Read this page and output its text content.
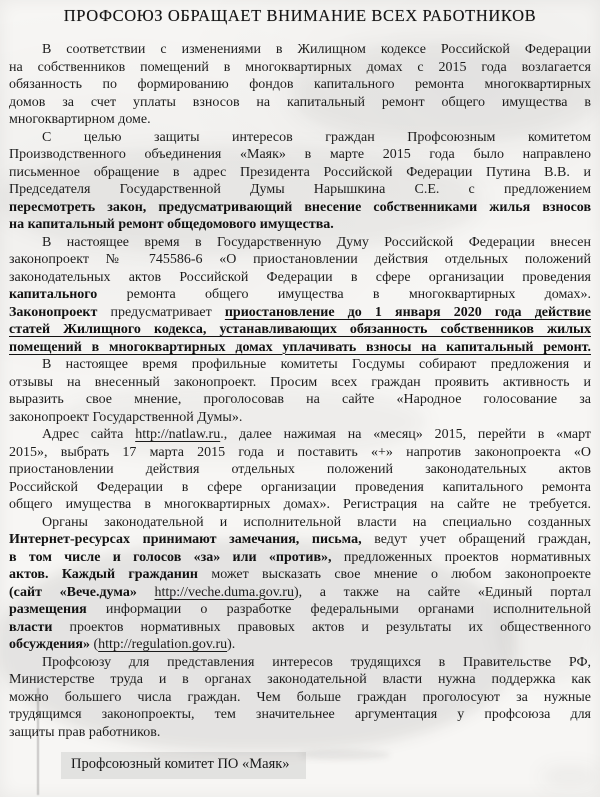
ПРОФСОЮЗ ОБРАЩАЕТ ВНИМАНИЕ ВСЕХ РАБОТНИКОВ
В соответствии с изменениями в Жилищном кодексе Российской Федерации
на собственников помещений в многоквартирных домах с 2015 года возлагается
обязанность по формированию фондов капитального ремонта многоквартирных
домов за счет уплаты взносов на капитальный ремонт общего имущества в
многоквартирном доме.
С целью защиты интересов граждан Профсоюзным комитетом
Производственного объединения «Маяк» в марте 2015 года было направлено
письменное обращение в адрес Президента Российской Федерации Путина В.В. и
Председателя Государственной Думы Нарышкина С.Е. с предложением
пересмотреть закон, предусматривающий внесение собственниками жилья взносов
на капитальный ремонт общедомового имущества.
В настоящее время в Государственную Думу Российской Федерации внесен
законопроект № 745586-6 «О приостановлении действия отдельных положений
законодательных актов Российской Федерации в сфере организации проведения
капитального ремонта общего имущества в многоквартирных домах».
Законопроект предусматривает приостановление до 1 января 2020 года действие
статей Жилищного кодекса, устанавливающих обязанность собственников жилых
помещений в многоквартирных домах уплачивать взносы на капитальный ремонт.
В настоящее время профильные комитеты Госдумы собирают предложения и
отзывы на внесенный законопроект. Просим всех граждан проявить активность и
выразить свое мнение, проголосовав на сайте «Народное голосование за
законопроект Государственной Думы».
Адрес сайта http://natlaw.ru., далее нажимая на «месяц» 2015, перейти в «март
2015», выбрать 17 марта 2015 года и поставить «+» напротив законопроекта «О
приостановлении действия отдельных положений законодательных актов
Российской Федерации в сфере организации проведения капитального ремонта
общего имущества в многоквартирных домах». Регистрация на сайте не требуется.
Органы законодательной и исполнительной власти на специально созданных
Интернет-ресурсах принимают замечания, письма, ведут учет обращений граждан,
в том числе и голосов «за» или «против», предложенных проектов нормативных
актов. Каждый гражданин может высказать свое мнение о любом законопроекте
(сайт «Вече.дума» http://veche.duma.gov.ru), а также на сайте «Единый портал
размещения информации о разработке федеральными органами исполнительной
власти проектов нормативных правовых актов и результаты их общественного
обсуждения» (http://regulation.gov.ru).
Профсоюзу для представления интересов трудящихся в Правительстве РФ,
Министерстве труда и в органах законодательной власти нужна поддержка как
можно большего числа граждан. Чем больше граждан проголосуют за нужные
трудящимся законопроекты, тем значительнее аргументация у профсоюза для
защиты прав работников.
Профсоюзный комитет ПО «Маяк»
